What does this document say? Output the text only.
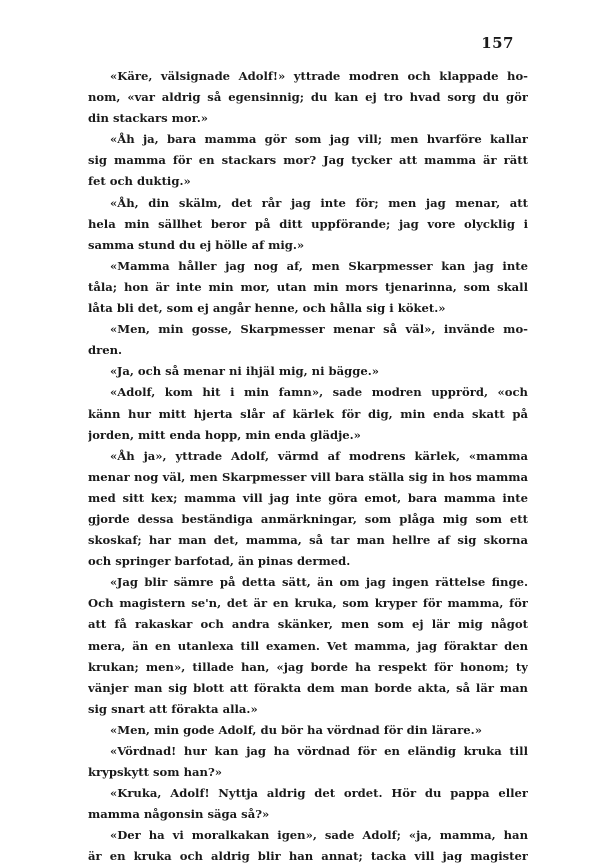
157
«Käre, välsignade Adolf!» yttrade modren och klappade ho-
nom, «var aldrig så egensinnig; du kan ej tro hvad sorg du gör
din stackars mor.»
«Åh ja, bara mamma gör som jag vill; men hvarföre kallar
sig mamma för en stackars mor? Jag tycker att mamma är rätt
fet och duktig.»
«Åh, din skälm, det rår jag inte för; men jag menar, att
hela min sällhet beror på ditt uppförande; jag vore olycklig i
samma stund du ej hölle af mig.»
«Mamma håller jag nog af, men Skarpmesser kan jag inte
tåla; hon är inte min mor, utan min mors tjenarinna, som skall
låta bli det, som ej angår henne, och hålla sig i köket.»
«Men, min gosse, Skarpmesser menar så väl», invände mo-
dren.
«Ja, och så menar ni ihjäl mig, ni bägge.»
«Adolf, kom hit i min famn», sade modren upprörd, «och
känn hur mitt hjerta slår af kärlek för dig, min enda skatt på
jorden, mitt enda hopp, min enda glädje.»
«Åh ja», yttrade Adolf, värmd af modrens kärlek, «mamma
menar nog väl, men Skarpmesser vill bara ställa sig in hos mamma
med sitt kex; mamma vill jag inte göra emot, bara mamma inte
gjorde dessa beständiga anmärkningar, som plåga mig som ett
skoskaf; har man det, mamma, så tar man hellre af sig skorna
och springer barfotad, än pinas dermed.
«Jag blir sämre på detta sätt, än om jag ingen rättelse finge.
Och magistern se'n, det är en kruka, som kryper för mamma, för
att få rakaskar och andra skänker, men som ej lär mig något
mera, än en utanlexa till examen. Vet mamma, jag föraktar den
krukan; men», tillade han, «jag borde ha respekt för honom; ty
vänjer man sig blott att förakta dem man borde akta, så lär man
sig snart att förakta alla.»
«Men, min gode Adolf, du bör ha vördnad för din lärare.»
«Vördnad! hur kan jag ha vördnad för en eländig kruka till
krypskytt som han?»
«Kruka, Adolf! Nyttja aldrig det ordet. Hör du pappa eller
mamma någonsin säga så?»
«Der ha vi moralkakan igen», sade Adolf; «ja, mamma, han
är en kruka och aldrig blir han annat; tacka vill jag magister
